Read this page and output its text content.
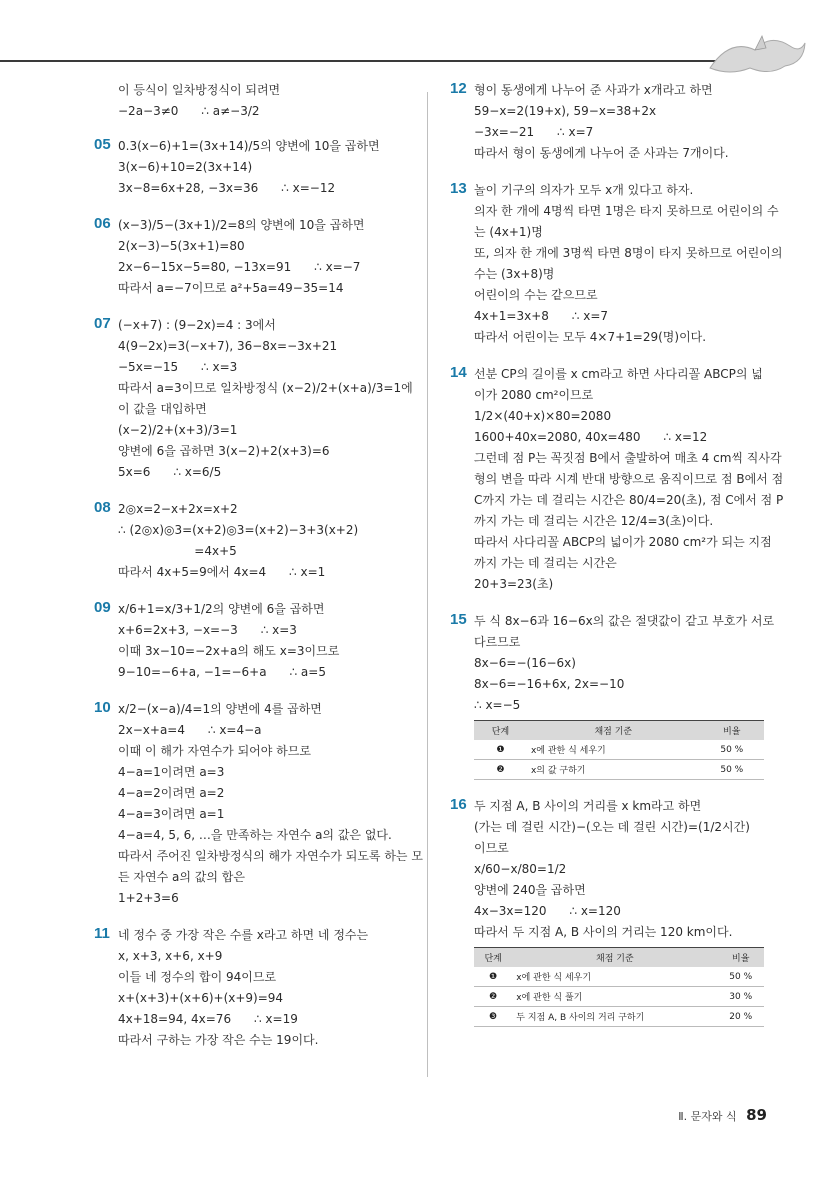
이 등식이 일차방정식이 되려면
−2a−3≠0      ∴ a≠−3/2
05 0.3(x−6)+1=(3x+14)/5의 양변에 10을 곱하면
3(x−6)+10=2(3x+14)
3x−8=6x+28, −3x=36      ∴ x=−12
06 (x−3)/5−(3x+1)/2=8의 양변에 10을 곱하면
2(x−3)−5(3x+1)=80
2x−6−15x−5=80, −13x=91      ∴ x=−7
따라서 a=−7이므로 a²+5a=49−35=14
07 (−x+7) : (9−2x)=4 : 3에서
4(9−2x)=3(−x+7), 36−8x=−3x+21
−5x=−15      ∴ x=3
따라서 a=3이므로 일차방정식 (x−2)/2+(x+a)/3=1에
이 값을 대입하면
(x−2)/2+(x+3)/3=1
양변에 6을 곱하면 3(x−2)+2(x+3)=6
5x=6      ∴ x=6/5
08 2◎x=2−x+2x=x+2
∴ (2◎x)◎3=(x+2)◎3=(x+2)−3+3(x+2)
=4x+5
따라서 4x+5=9에서 4x=4      ∴ x=1
09 x/6+1=x/3+1/2의 양변에 6을 곱하면
x+6=2x+3, −x=−3      ∴ x=3
이때 3x−10=−2x+a의 해도 x=3이므로
9−10=−6+a, −1=−6+a      ∴ a=5
10 x/2−(x−a)/4=1의 양변에 4를 곱하면
2x−x+a=4      ∴ x=4−a
이때 이 해가 자연수가 되어야 하므로
4−a=1이려면 a=3
4−a=2이려면 a=2
4−a=3이려면 a=1
4−a=4, 5, 6, …을 만족하는 자연수 a의 값은 없다.
따라서 주어진 일차방정식의 해가 자연수가 되도록 하는 모
든 자연수 a의 값의 합은
1+2+3=6
11 네 정수 중 가장 작은 수를 x라고 하면 네 정수는
x, x+3, x+6, x+9
이들 네 정수의 합이 94이므로
x+(x+3)+(x+6)+(x+9)=94
4x+18=94, 4x=76      ∴ x=19
따라서 구하는 가장 작은 수는 19이다.
12 형이 동생에게 나누어 준 사과가 x개라고 하면
59−x=2(19+x), 59−x=38+2x
−3x=−21      ∴ x=7
따라서 형이 동생에게 나누어 준 사과는 7개이다.
13 놀이 기구의 의자가 모두 x개 있다고 하자.
의자 한 개에 4명씩 타면 1명은 타지 못하므로 어린이의 수
는 (4x+1)명
또, 의자 한 개에 3명씩 타면 8명이 타지 못하므로 어린이의
수는 (3x+8)명
어린이의 수는 같으므로
4x+1=3x+8      ∴ x=7
따라서 어린이는 모두 4×7+1=29(명)이다.
14 선분 CP의 길이를 x cm라고 하면 사다리꼴 ABCP의 넓
이가 2080 cm²이므로
1/2×(40+x)×80=2080
1600+40x=2080, 40x=480      ∴ x=12
그런데 점 P는 꼭짓점 B에서 출발하여 매초 4 cm씩 직사각
형의 변을 따라 시계 반대 방향으로 움직이므로 점 B에서 점
C까지 가는 데 걸리는 시간은 80/4=20(초), 점 C에서 점 P
까지 가는 데 걸리는 시간은 12/4=3(초)이다.
따라서 사다리꼴 ABCP의 넓이가 2080 cm²가 되는 지점
까지 가는 데 걸리는 시간은
20+3=23(초)
15 두 식 8x−6과 16−6x의 값은 절댓값이 같고 부호가 서로
다르므로
8x−6=−(16−6x)
8x−6=−16+6x, 2x=−10
∴ x=−5
단계	채점 기준	비율
❶	x에 관한 식 세우기	50 %
❷	x의 값 구하기	50 %
16 두 지점 A, B 사이의 거리를 x km라고 하면
(가는 데 걸린 시간)−(오는 데 걸린 시간)=(1/2시간)
이므로
x/60−x/80=1/2
양변에 240을 곱하면
4x−3x=120      ∴ x=120
따라서 두 지점 A, B 사이의 거리는 120 km이다.
단계	채점 기준	비율
❶	x에 관한 식 세우기	50 %
❷	x에 관한 식 풀기	30 %
❸	두 지점 A, B 사이의 거리 구하기	20 %
Ⅱ. 문자와 식 89
